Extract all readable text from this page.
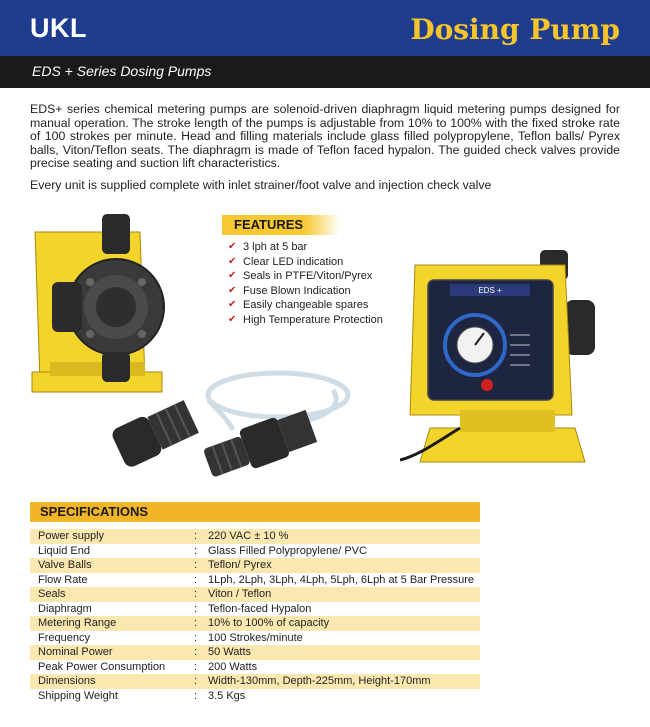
UKL	Dosing Pump
EDS + Series Dosing Pumps

EDS+ series chemical metering pumps are solenoid-driven diaphragm liquid metering pumps designed for manual operation. The stroke length of the pumps is adjustable from 10% to 100% with the fixed stroke rate of 100 strokes per minute. Head and filling materials include glass filled polypropylene, Teflon balls/ Pyrex balls, Viton/Teflon seats. The diaphragm is made of Teflon faced hypalon. The guided check valves provide precise seating and suction lift characteristics.

Every unit is supplied complete with inlet strainer/foot valve and injection check valve

EDS +
FEATURES
✔ 3 lph at 5 bar
✔ Clear LED indication
✔ Seals in PTFE/Viton/Pyrex
✔ Fuse Blown Indication
✔ Easily changeable spares
✔ High Temperature Protection
SPECIFICATIONS
Power supply	: 220 VAC ± 10 %
Liquid End	: Glass Filled Polypropylene/ PVC
Valve Balls	: Teflon/ Pyrex
Flow Rate	: 1Lph, 2Lph, 3Lph, 4Lph, 5Lph, 6Lph at 5 Bar Pressure
Seals	: Viton / Teflon
Diaphragm	: Teflon-faced Hypalon
Metering Range	: 10% to 100% of capacity
Frequency	: 100 Strokes/minute
Nominal Power	: 50 Watts
Peak Power Consumption	: 200 Watts
Dimensions	: Width-130mm, Depth-225mm, Height-170mm
Shipping Weight	: 3.5 Kgs
